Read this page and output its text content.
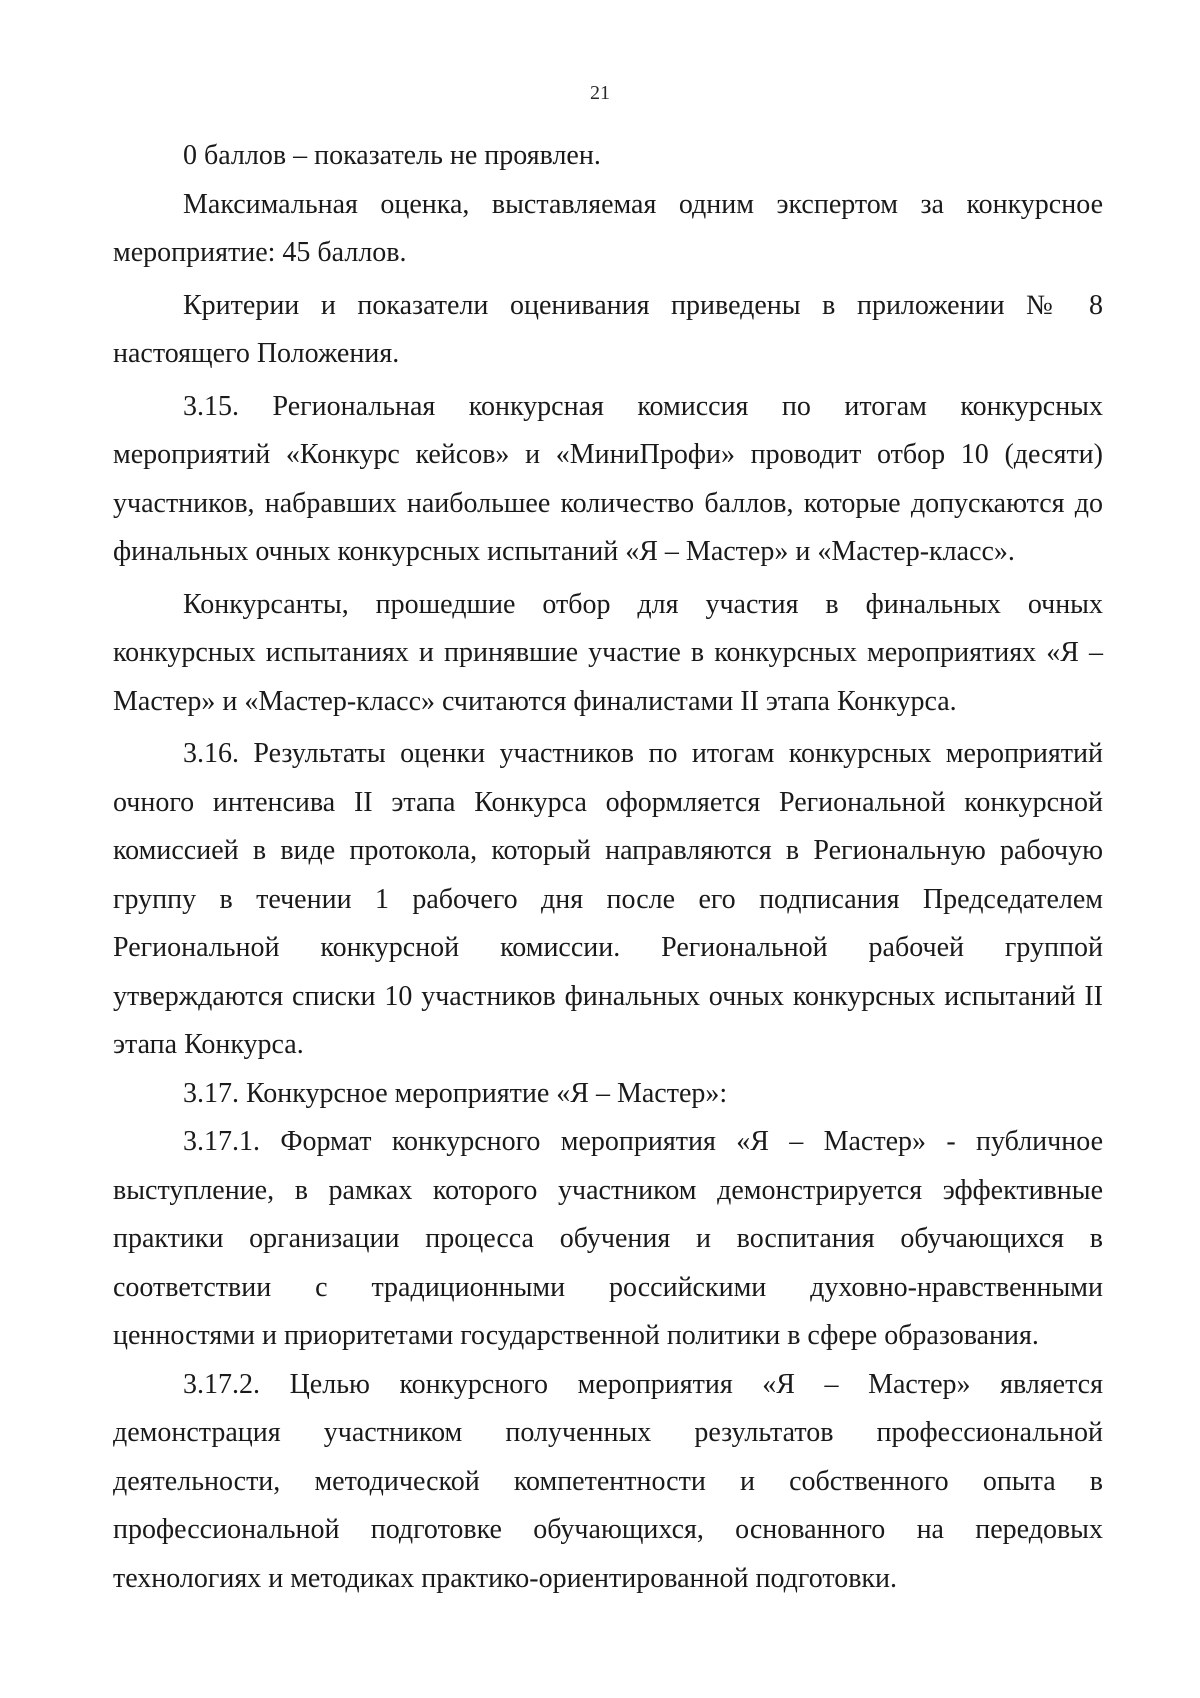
21

0 баллов – показатель не проявлен.

Максимальная оценка, выставляемая одним экспертом за конкурсное мероприятие: 45 баллов.

Критерии и показатели оценивания приведены в приложении № 8 настоящего Положения.

3.15. Региональная конкурсная комиссия по итогам конкурсных мероприятий «Конкурс кейсов» и «МиниПрофи» проводит отбор 10 (десяти) участников, набравших наибольшее количество баллов, которые допускаются до финальных очных конкурсных испытаний «Я – Мастер» и «Мастер-класс».

Конкурсанты, прошедшие отбор для участия в финальных очных конкурсных испытаниях и принявшие участие в конкурсных мероприятиях «Я – Мастер» и «Мастер-класс» считаются финалистами II этапа Конкурса.

3.16. Результаты оценки участников по итогам конкурсных мероприятий очного интенсива II этапа Конкурса оформляется Региональной конкурсной комиссией в виде протокола, который направляются в Региональную рабочую группу в течении 1 рабочего дня после его подписания Председателем Региональной конкурсной комиссии. Региональной рабочей группой утверждаются списки 10 участников финальных очных конкурсных испытаний II этапа Конкурса.

3.17. Конкурсное мероприятие «Я – Мастер»:

3.17.1. Формат конкурсного мероприятия «Я – Мастер» - публичное выступление, в рамках которого участником демонстрируется эффективные практики организации процесса обучения и воспитания обучающихся в соответствии с традиционными российскими духовно-нравственными ценностями и приоритетами государственной политики в сфере образования.

3.17.2. Целью конкурсного мероприятия «Я – Мастер» является демонстрация участником полученных результатов профессиональной деятельности, методической компетентности и собственного опыта в профессиональной подготовке обучающихся, основанного на передовых технологиях и методиках практико-ориентированной подготовки.
